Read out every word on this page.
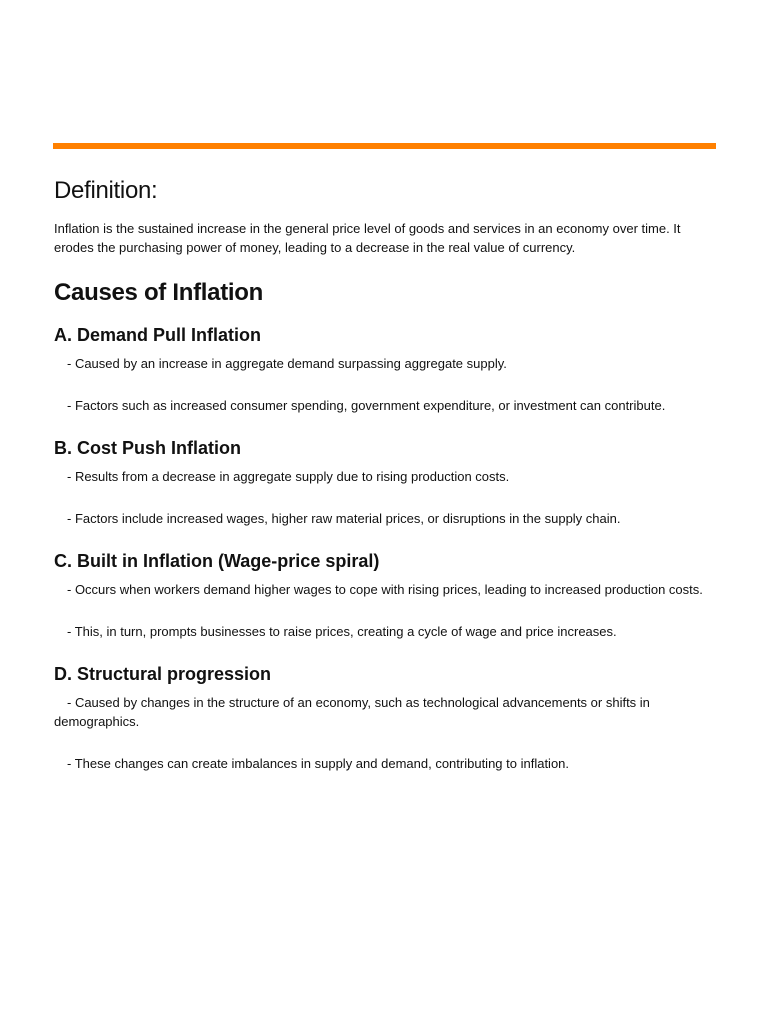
Definition:

Inflation is the sustained increase in the general price level of goods and services in an economy over time. It erodes the purchasing power of money, leading to a decrease in the real value of currency.

Causes of Inflation
A. Demand Pull Inflation

- Caused by an increase in aggregate demand surpassing aggregate supply.

- Factors such as increased consumer spending, government expenditure, or investment can contribute.

B. Cost Push Inflation

- Results from a decrease in aggregate supply due to rising production costs.

- Factors include increased wages, higher raw material prices, or disruptions in the supply chain.

C. Built in Inflation (Wage-price spiral)

- Occurs when workers demand higher wages to cope with rising prices, leading to increased production costs.

- This, in turn, prompts businesses to raise prices, creating a cycle of wage and price increases.

D. Structural progression

- Caused by changes in the structure of an economy, such as technological advancements or shifts in demographics.

- These changes can create imbalances in supply and demand, contributing to inflation.
